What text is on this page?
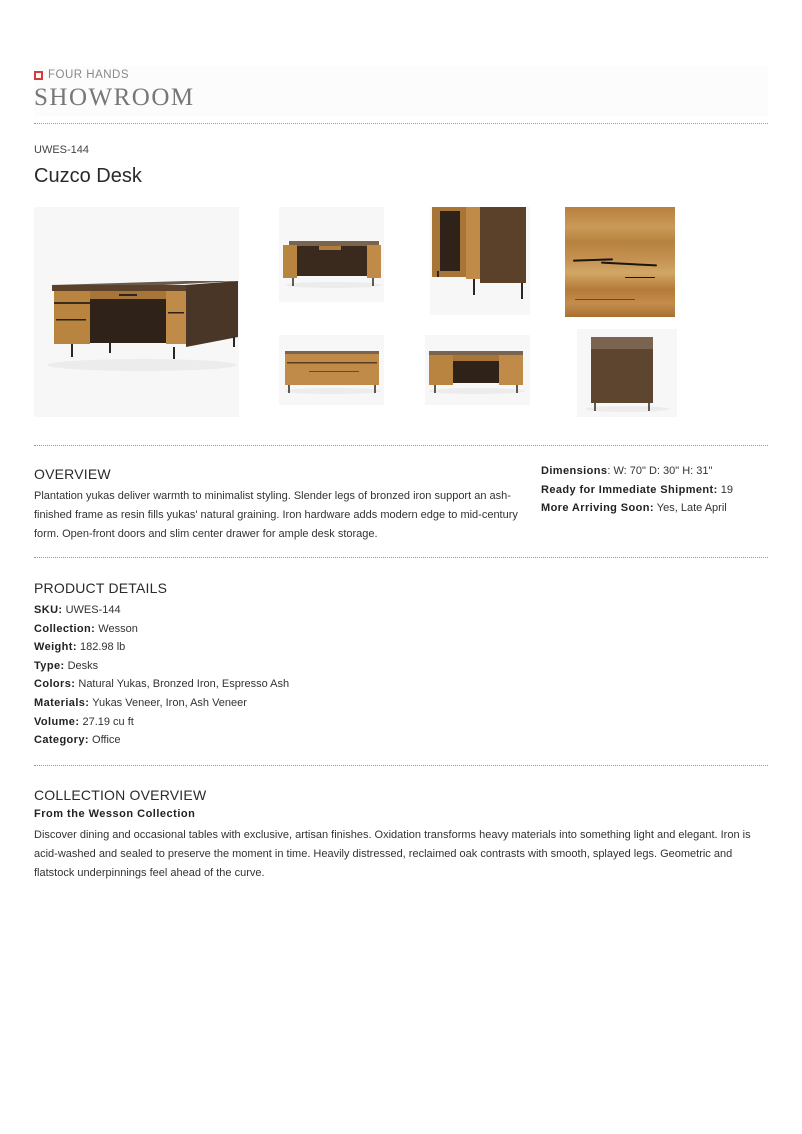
FOUR HANDS
SHOWROOM
UWES-144
Cuzco Desk
OVERVIEW
Plantation yukas deliver warmth to minimalist styling. Slender legs of bronzed iron support an ash-finished frame as resin fills yukas' natural graining. Iron hardware adds modern edge to mid-century form. Open-front doors and slim center drawer for ample desk storage.
Dimensions: W: 70" D: 30" H: 31"
Ready for Immediate Shipment: 19
More Arriving Soon: Yes, Late April
PRODUCT DETAILS
SKU: UWES-144
Collection: Wesson
Weight: 182.98 lb
Type: Desks
Colors: Natural Yukas, Bronzed Iron, Espresso Ash
Materials: Yukas Veneer, Iron, Ash Veneer
Volume: 27.19 cu ft
Category: Office
COLLECTION OVERVIEW
From the Wesson Collection
Discover dining and occasional tables with exclusive, artisan finishes. Oxidation transforms heavy materials into something light and elegant. Iron is acid-washed and sealed to preserve the moment in time. Heavily distressed, reclaimed oak contrasts with smooth, splayed legs. Geometric and flatstock underpinnings feel ahead of the curve.
